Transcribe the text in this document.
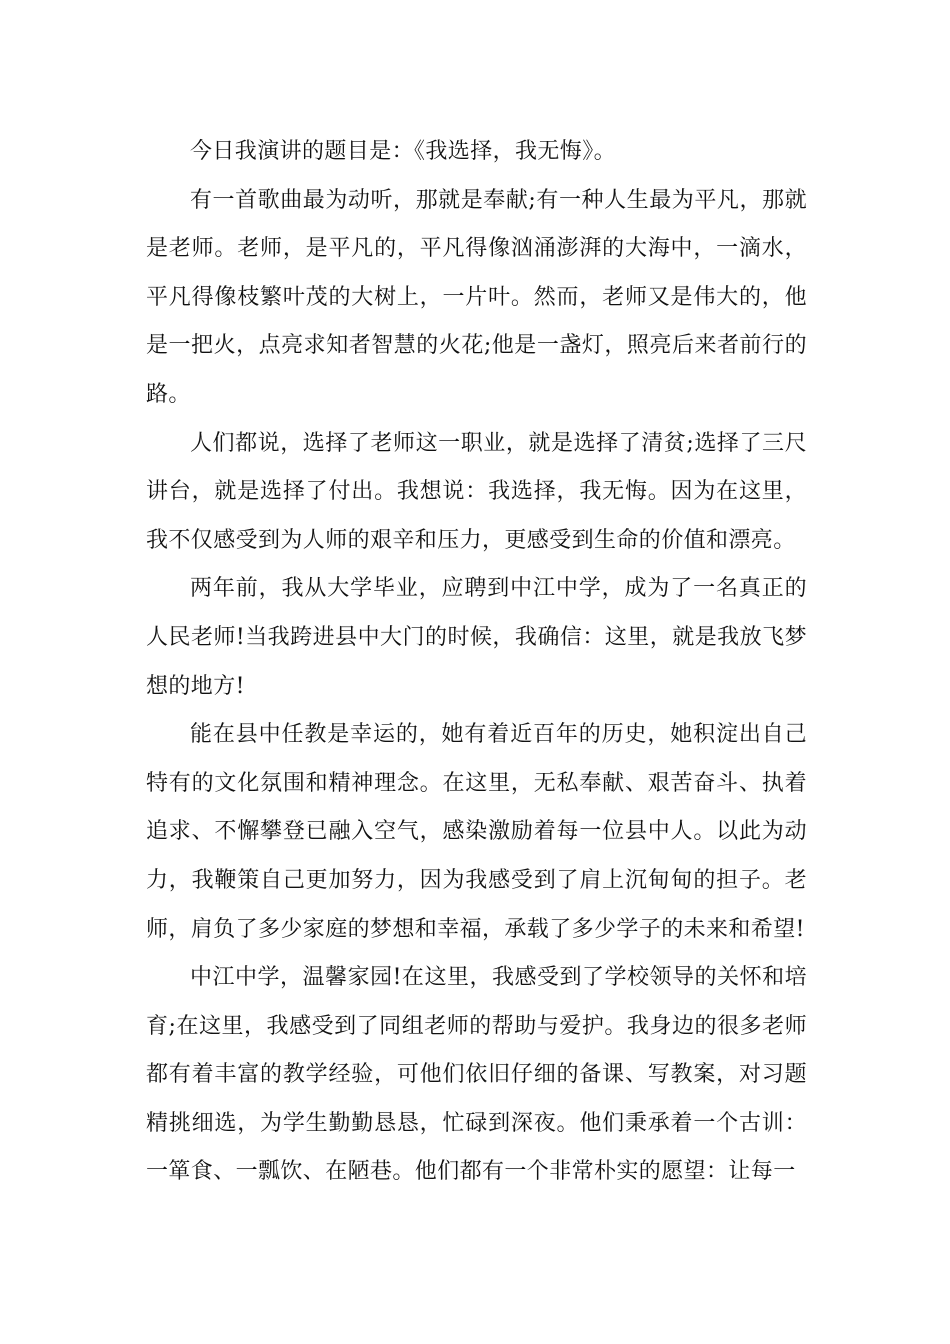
今日我演讲的题目是：《我选择，我无悔》。

有一首歌曲最为动听，那就是奉献;有一种人生最为平凡，那就是老师。老师，是平凡的，平凡得像汹涌澎湃的大海中，一滴水，平凡得像枝繁叶茂的大树上，一片叶。然而，老师又是伟大的，他是一把火，点亮求知者智慧的火花;他是一盏灯，照亮后来者前行的路。

人们都说，选择了老师这一职业，就是选择了清贫;选择了三尺讲台，就是选择了付出。我想说：我选择，我无悔。因为在这里，我不仅感受到为人师的艰辛和压力，更感受到生命的价值和漂亮。

两年前，我从大学毕业，应聘到中江中学，成为了一名真正的人民老师!当我跨进县中大门的时候，我确信：这里，就是我放飞梦想的地方!

能在县中任教是幸运的，她有着近百年的历史，她积淀出自己特有的文化氛围和精神理念。在这里，无私奉献、艰苦奋斗、执着追求、不懈攀登已融入空气，感染激励着每一位县中人。以此为动力，我鞭策自己更加努力，因为我感受到了肩上沉甸甸的担子。老师，肩负了多少家庭的梦想和幸福，承载了多少学子的未来和希望!

中江中学，温馨家园!在这里，我感受到了学校领导的关怀和培育;在这里，我感受到了同组老师的帮助与爱护。我身边的很多老师都有着丰富的教学经验，可他们依旧仔细的备课、写教案，对习题精挑细选，为学生勤勤恳恳，忙碌到深夜。他们秉承着一个古训：一箪食、一瓢饮、在陋巷。他们都有一个非常朴实的愿望：让每一
